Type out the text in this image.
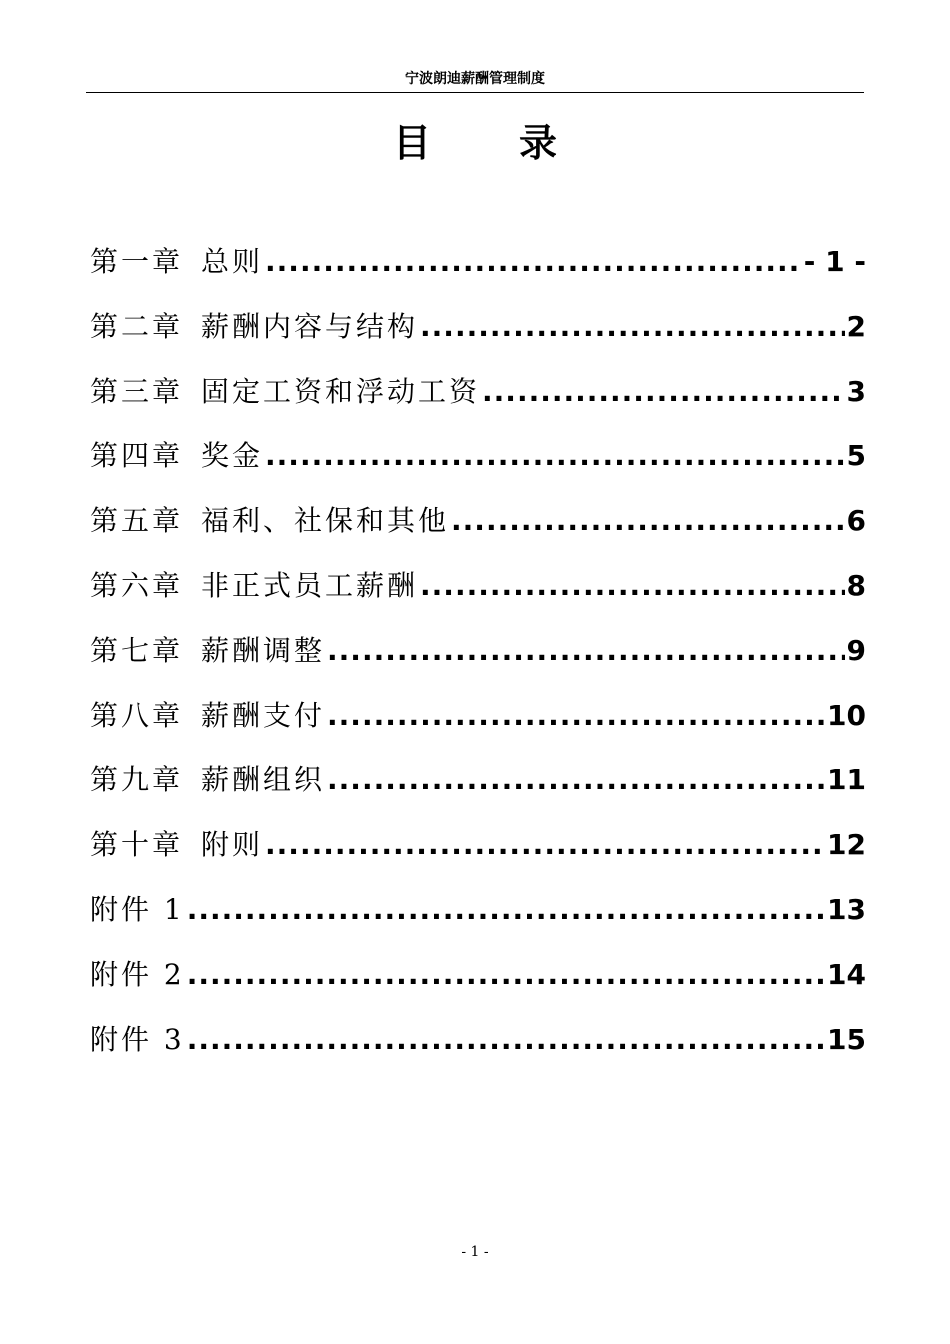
宁波朗迪薪酬管理制度
目 录
第一章 总则 .....	- 1 -
第二章 薪酬内容与结构 .....	2
第三章 固定工资和浮动工资 .....	3
第四章 奖金 .....	5
第五章 福利、社保和其他 .....	6
第六章 非正式员工薪酬 .....	8
第七章 薪酬调整 .....	9
第八章 薪酬支付 .....	10
第九章 薪酬组织 .....	11
第十章 附则 .....	12
附件 1 .....	13
附件 2 .....	14
附件 3 .....	15
- 1 -
